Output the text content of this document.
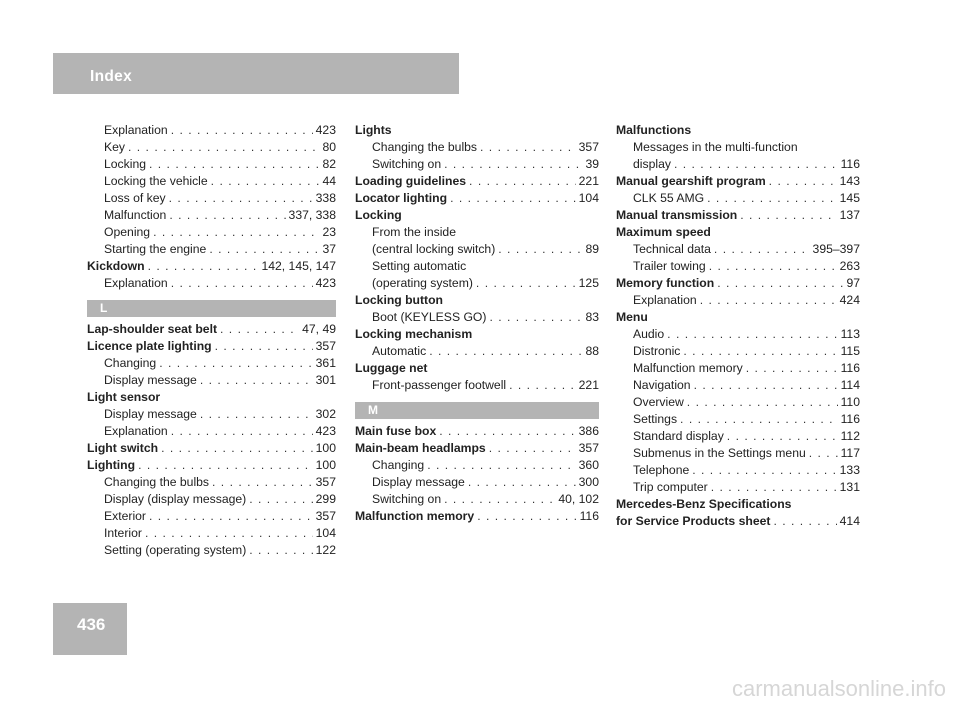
Index
Explanation . . .	423
Key . . .	80
Locking . . .	82
Locking the vehicle . . .	44
Loss of key . . .	338
Malfunction . . .	337, 338
Opening . . .	23
Starting the engine . . .	37
Kickdown . . .	142, 145, 147
Explanation . . .	423
L
Lap-shoulder seat belt . . .	47, 49
Licence plate lighting . . .	357
Changing . . .	361
Display message . . .	301
Light sensor
Display message . . .	302
Explanation . . .	423
Light switch . . .	100
Lighting . . .	100
Changing the bulbs . . .	357
Display (display message) . . .	299
Exterior . . .	357
Interior . . .	104
Setting (operating system) . . .	122
Lights
Changing the bulbs . . .	357
Switching on . . .	39
Loading guidelines . . .	221
Locator lighting . . .	104
Locking
From the inside
(central locking switch) . . .	89
Setting automatic
(operating system) . . .	125
Locking button
Boot (KEYLESS GO) . . .	83
Locking mechanism
Automatic . . .	88
Luggage net
Front-passenger footwell . . .	221
M
Main fuse box . . .	386
Main-beam headlamps . . .	357
Changing . . .	360
Display message . . .	300
Switching on . . .	40, 102
Malfunction memory . . .	116
Malfunctions
Messages in the multi-function
display . . .	116
Manual gearshift program . . .	143
CLK 55 AMG . . .	145
Manual transmission . . .	137
Maximum speed
Technical data . . .	395–397
Trailer towing . . .	263
Memory function . . .	97
Explanation . . .	424
Menu
Audio . . .	113
Distronic . . .	115
Malfunction memory . . .	116
Navigation . . .	114
Overview . . .	110
Settings . . .	116
Standard display . . .	112
Submenus in the Settings menu . . .	117
Telephone . . .	133
Trip computer . . .	131
Mercedes-Benz Specifications
for Service Products sheet . . .	414
436
carmanualsonline.info
